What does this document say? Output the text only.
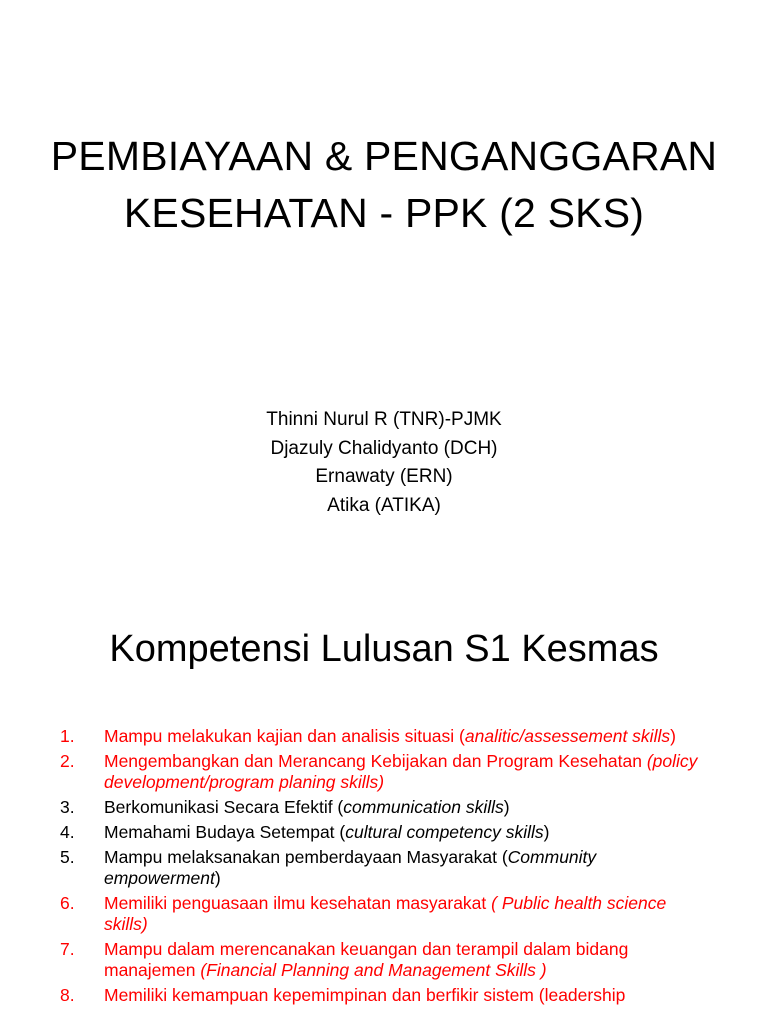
PEMBIAYAAN & PENGANGGARAN
KESEHATAN - PPK (2 SKS)
Thinni Nurul R (TNR)-PJMK
Djazuly Chalidyanto (DCH)
Ernawaty (ERN)
Atika (ATIKA)
Kompetensi Lulusan S1 Kesmas
1. Mampu melakukan kajian dan analisis situasi (analitic/assessement skills)
2. Mengembangkan dan Merancang Kebijakan dan Program Kesehatan (policy development/program planing skills)
3. Berkomunikasi Secara Efektif (communication skills)
4. Memahami Budaya Setempat (cultural competency skills)
5. Mampu melaksanakan pemberdayaan Masyarakat (Community empowerment)
6. Memiliki penguasaan ilmu kesehatan masyarakat ( Public health science skills)
7. Mampu dalam merencanakan keuangan dan terampil dalam bidang manajemen (Financial Planning and Management Skills )
8. Memiliki kemampuan kepemimpinan dan berfikir sistem (leadership
